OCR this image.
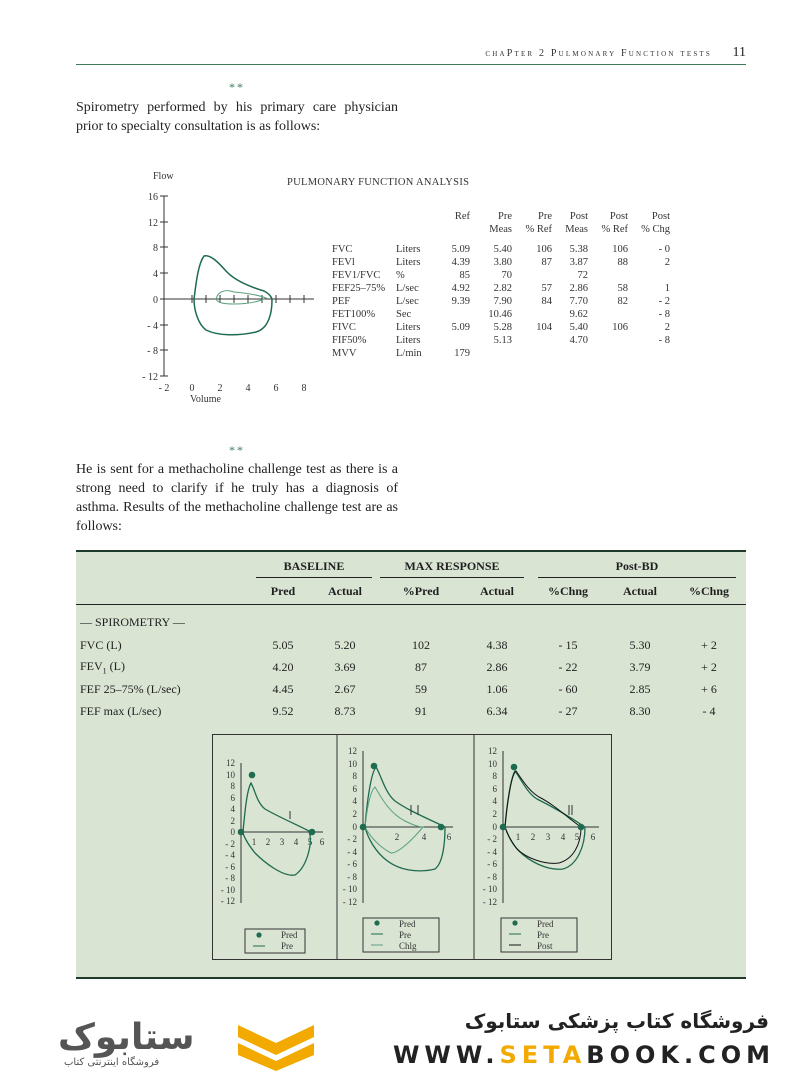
chaPter 2 Pulmonary Function tests 11
**
Spirometry performed by his primary care physician prior to specialty consultation is as follows:
Flow
Volume
PULMONARY FUNCTION ANALYSIS
16
12
8
4
0
- 4
- 8
- 12
- 2 0 2 4 6 8
		Ref	Pre	Pre	Post	Post	Post
			Meas	% Ref	Meas	% Ref	% Chg

FVC	Liters	5.09	5.40	106	5.38	106	- 0
FEVl	Liters	4.39	3.80	87	3.87	88	2
FEV1/FVC	%	85	70		72		
FEF25–75%	L/sec	4.92	2.82	57	2.86	58	1
PEF	L/sec	9.39	7.90	84	7.70	82	- 2
FET100%	Sec		10.46		9.62		- 8
FIVC	Liters	5.09	5.28	104	5.40	106	2
FIF50%	Liters		5.13		4.70		- 8
MVV	L/min	179					
**
He is sent for a methacholine challenge test as there is a strong need to clarify if he truly has a diagnosis of asthma. Results of the methacholine challenge test are as follows:

	BASELINE		MAX RESPONSE		Post-BD		

	Pred	Actual	%Pred	Actual	%Chng	Actual	%Chng
— SPIROMETRY —							
FVC (L)	5.05	5.20	102	4.38	- 15	5.30	+ 2
$FEV_1$ (L)	4.20	3.69	87	2.86	- 22	3.79	+ 2
FEF 25–75% (L/sec)	4.45	2.67	59	1.06	- 60	2.85	+ 6
FEF max (L/sec)	9.52	8.73	91	6.34	- 27	8.30	- 4
12
10
8
6
4
2
0
- 2
- 4
- 6
- 8
- 10
- 12
1 2 3 4 5 6
Pred
Pre
12
10
8
6
4
2
0
- 2
- 4
- 6
- 8
- 10
- 12
2	4 6
Pred
Pre
Chlg
12
10
8
6
4
2
0
- 2
- 4
- 6
- 8
- 10
- 12
1 2 3 4 5 6
Pred
Pre
Post
ستابوک
فروشگاه اینترنتی کتاب
فروشگاه کتاب پزشکی ستابوک
WWW.SETABOOK.COM
